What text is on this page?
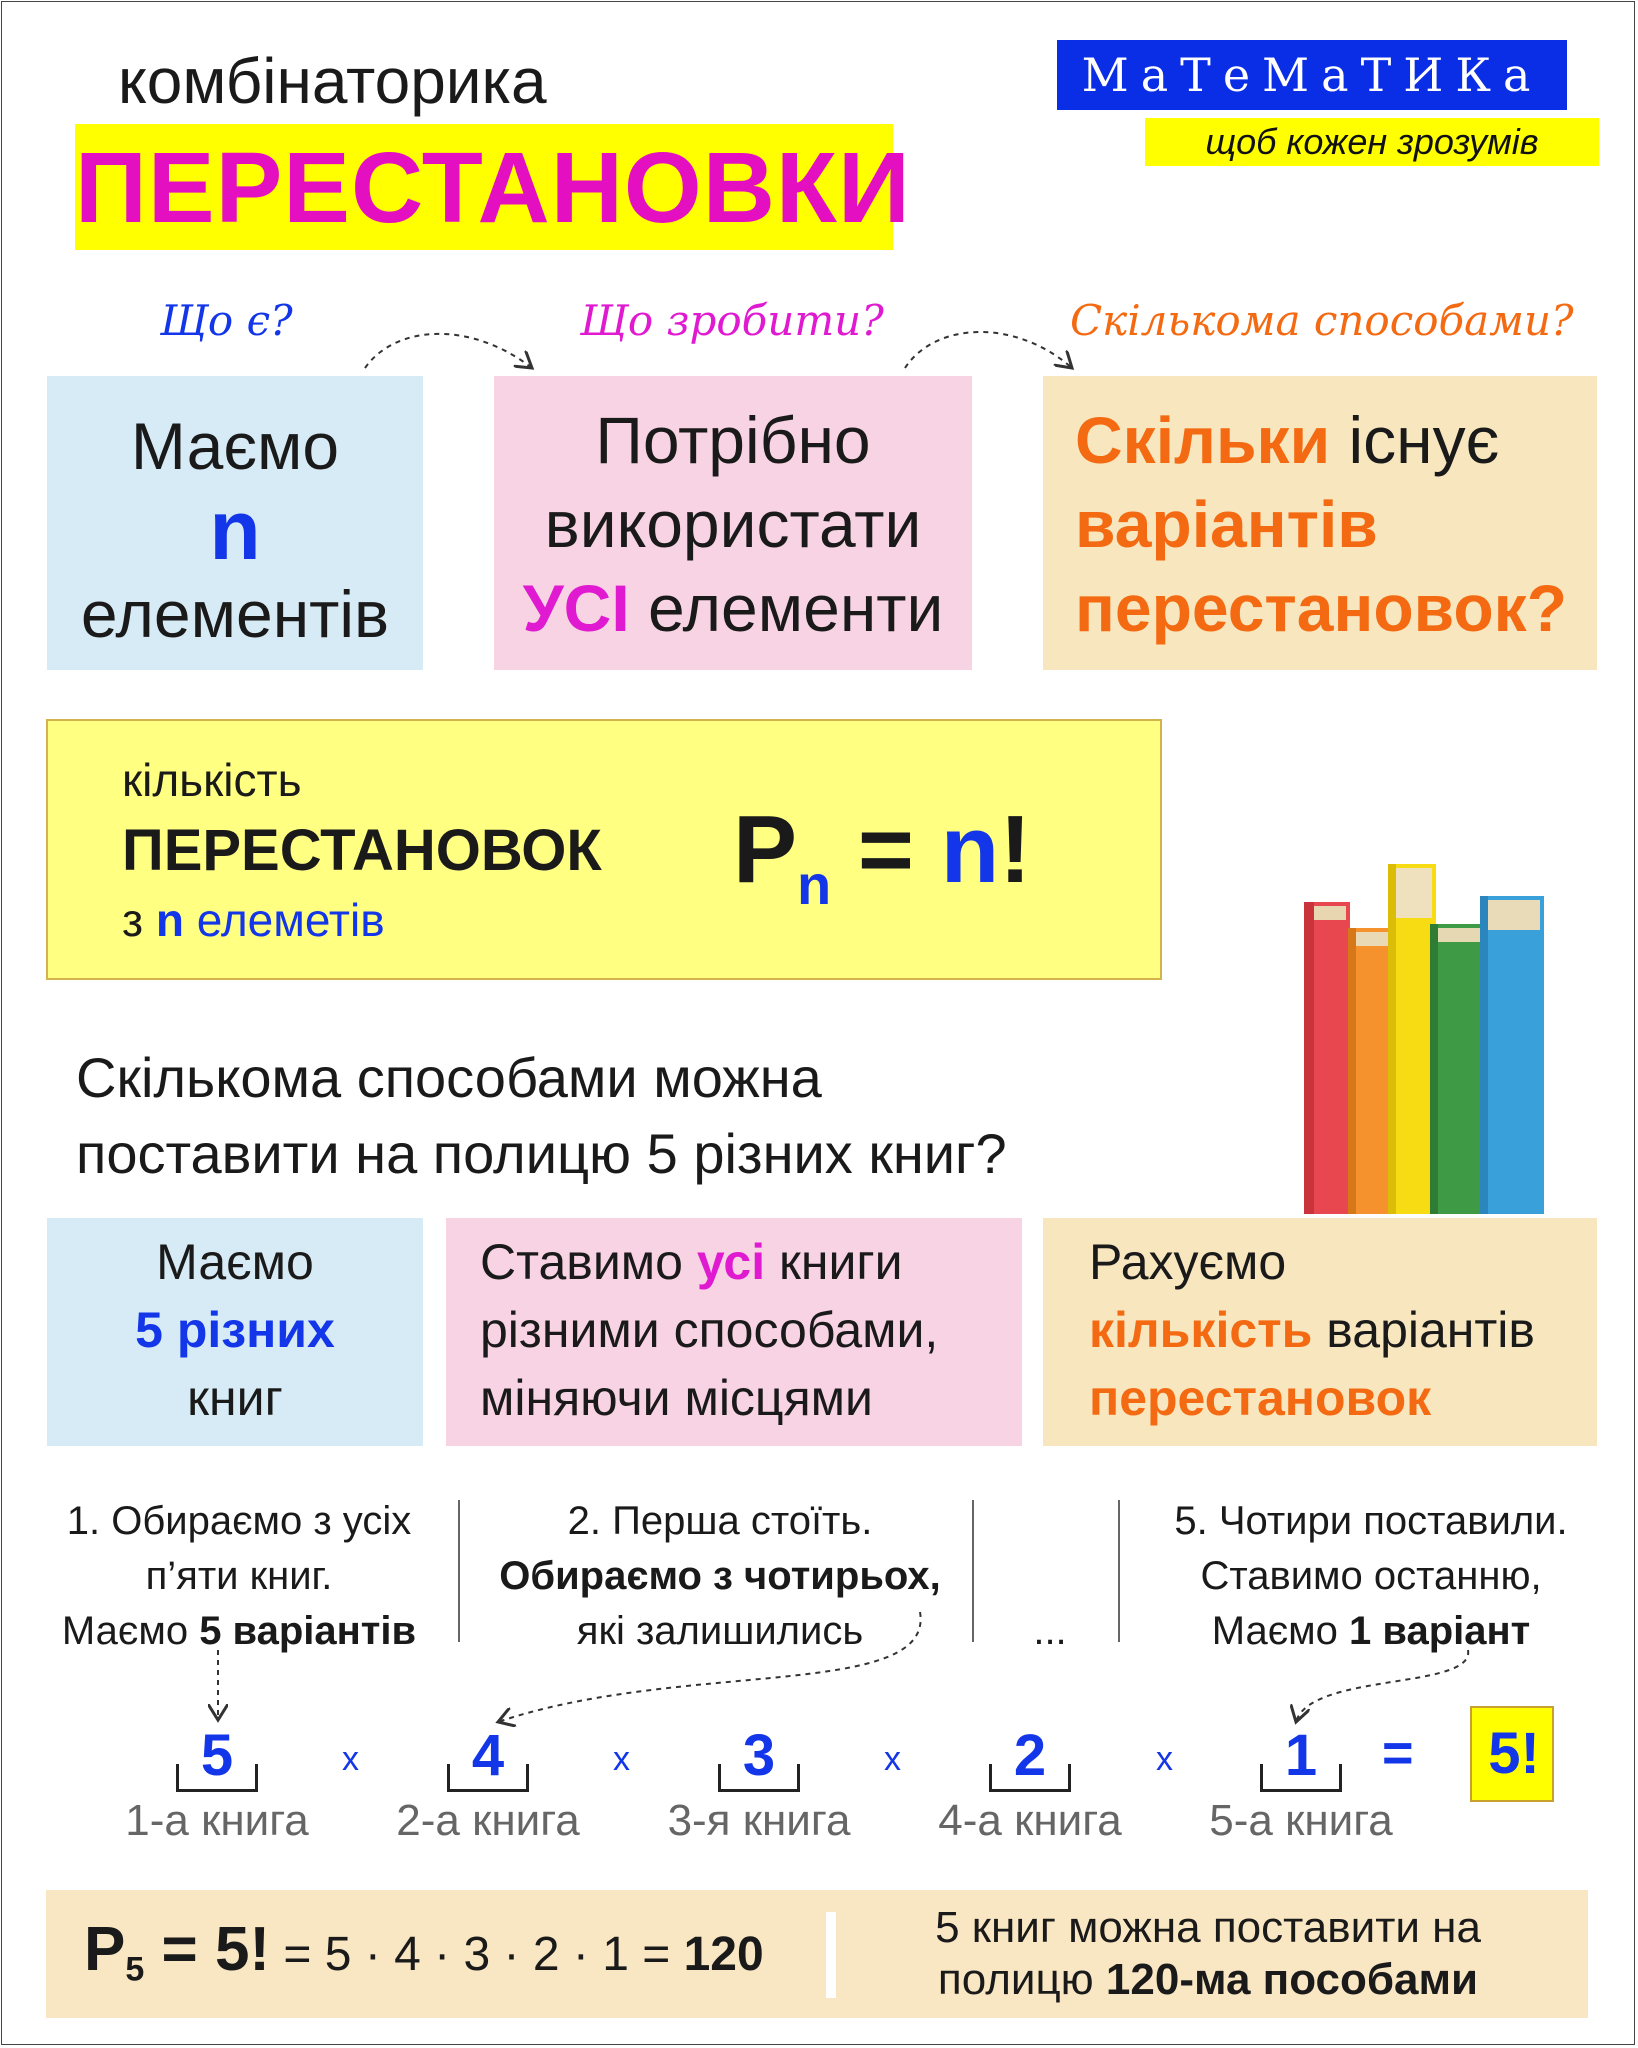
комбінаторика
ПЕРЕСТАНОВКИ
МаТеМаТИКа
щоб кожен зрозумів
Що є?	Що зробити?	Скількома способами?
Маємо
n
елементів
Потрібно
використати
УСІ елементи
Скільки існує
варіантів
перестановок?
кількість
ПЕРЕСТАНОВОК
з n елеметів
$P_n = n$!
Скількома способами можна
поставити на полицю 5 різних книг?
Маємо
5 різних
книг
Ставимо усі книги
різними способами,
міняючи місцями
Рахуємо
кількість варіантів
перестановок
1. Обираємо з усіх
п’яти книг.
Маємо 5 варіантів
2. Перша стоїть.
Обираємо з чотирьох,
які залишились	...
5. Чотири поставили.
Ставимо останню,
Маємо 1 варіант
5
1-а книга
x	4
2-а книга
x	3
3-я книга
x	2
4-а книга
x	1
5-а книга
= 5!
$P_5 = 5$! = 5 · 4 · 3 · 2 · 1 = 120
5 книг можна поставити на
полицю 120-ма пособами
